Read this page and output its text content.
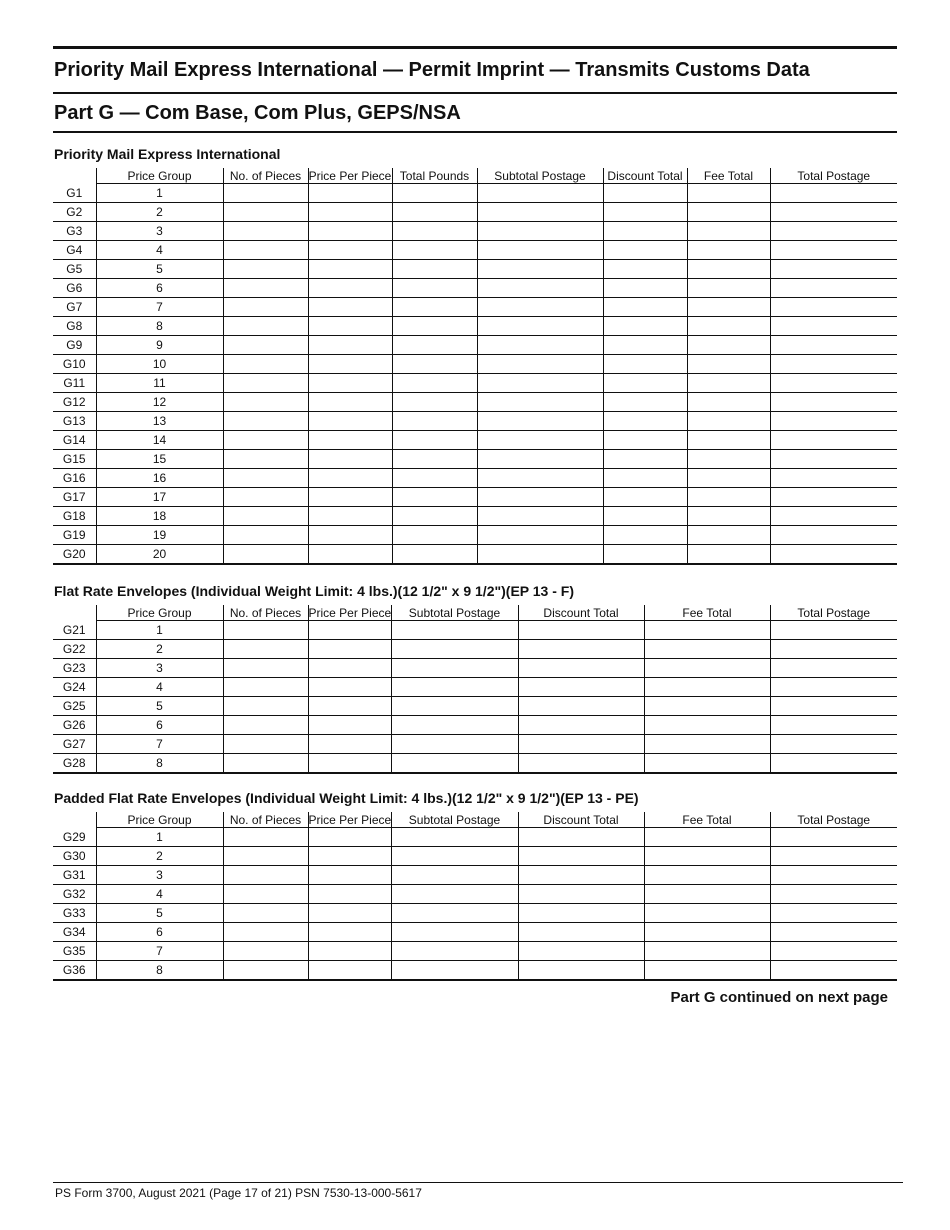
Priority Mail Express International — Permit Imprint — Transmits Customs Data
Part G — Com Base, Com Plus, GEPS/NSA
Priority Mail Express International
	Price Group	No. of Pieces	Price Per Piece	Total Pounds	Subtotal Postage	Discount Total	Fee Total	Total Postage
G1	1							
G2	2							
G3	3							
G4	4							
G5	5							
G6	6							
G7	7							
G8	8							
G9	9							
G10	10							
G11	11							
G12	12							
G13	13							
G14	14							
G15	15							
G16	16							
G17	17							
G18	18							
G19	19							
G20	20							
Flat Rate Envelopes (Individual Weight Limit: 4 lbs.)(12 1/2" x 9 1/2")(EP 13 - F)
	Price Group	No. of Pieces	Price Per Piece	Subtotal Postage	Discount Total	Fee Total	Total Postage
G21	1						
G22	2						
G23	3						
G24	4						
G25	5						
G26	6						
G27	7						
G28	8						
Padded Flat Rate Envelopes (Individual Weight Limit: 4 lbs.)(12 1/2" x 9 1/2")(EP 13 - PE)
	Price Group	No. of Pieces	Price Per Piece	Subtotal Postage	Discount Total	Fee Total	Total Postage
G29	1						
G30	2						
G31	3						
G32	4						
G33	5						
G34	6						
G35	7						
G36	8						
Part G continued on next page
PS Form 3700, August 2021 (Page 17 of 21) PSN 7530-13-000-5617
